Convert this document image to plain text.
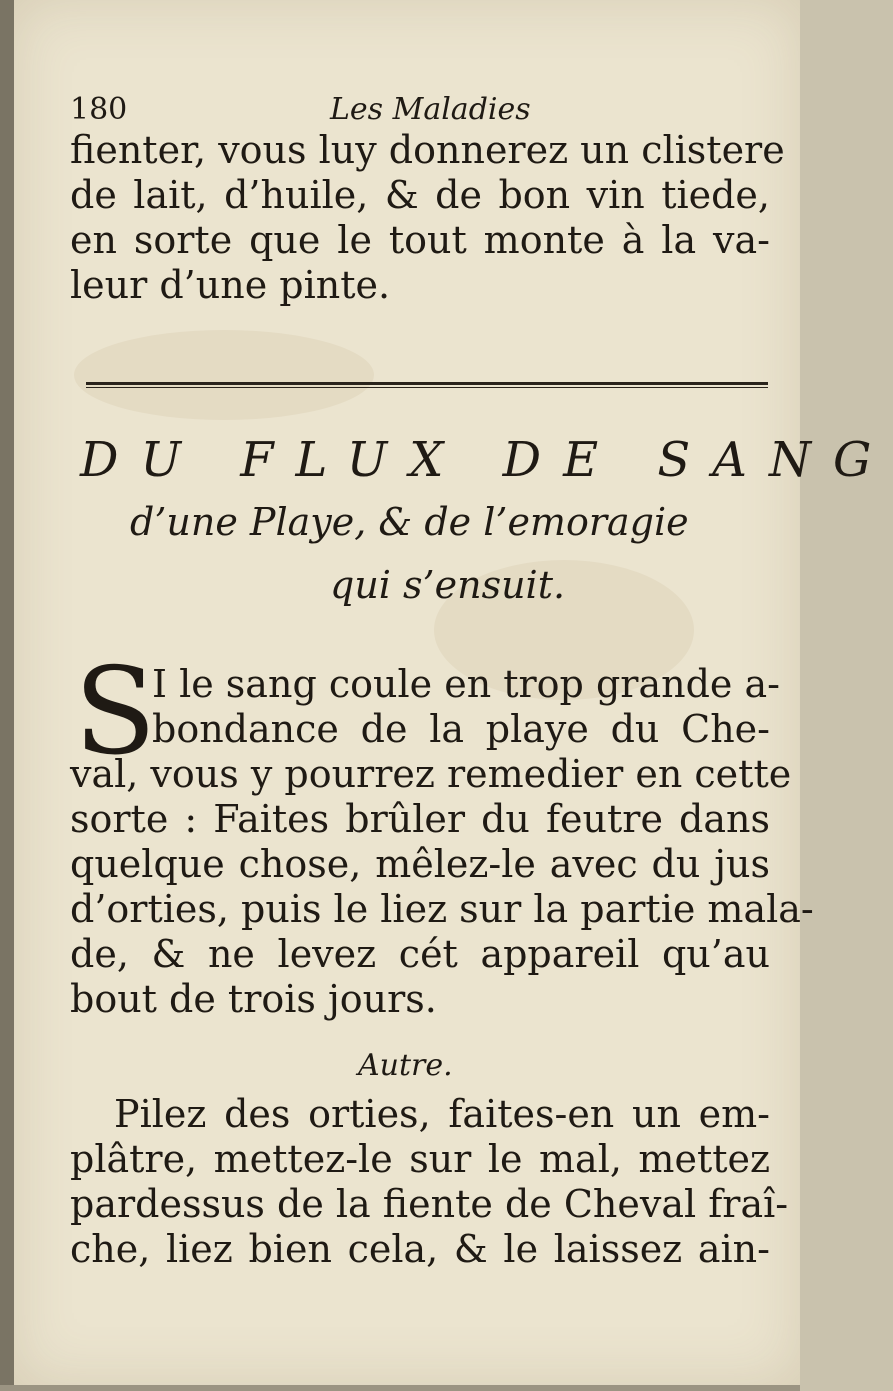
180	Les Maladies
fienter, vous luy donnerez un clistere
de lait, d’huile, & de bon vin tiede,
en sorte que le tout monte à la va-
leur d’une pinte.
DU FLUX DE SANG
d’une Playe, & de l’emoragie
qui s’ensuit.
S
I le sang coule en trop grande a-
bondance de la playe du Che-
val, vous y pourrez remedier en cette
sorte : Faites brûler du feutre dans
quelque chose, mêlez-le avec du jus
d’orties, puis le liez sur la partie mala-
de, & ne levez cét appareil qu’au
bout de trois jours.
Autre.
Pilez des orties, faites-en un em-
plâtre, mettez-le sur le mal, mettez
pardessus de la fiente de Cheval fraî-
che, liez bien cela, & le laissez ain-
